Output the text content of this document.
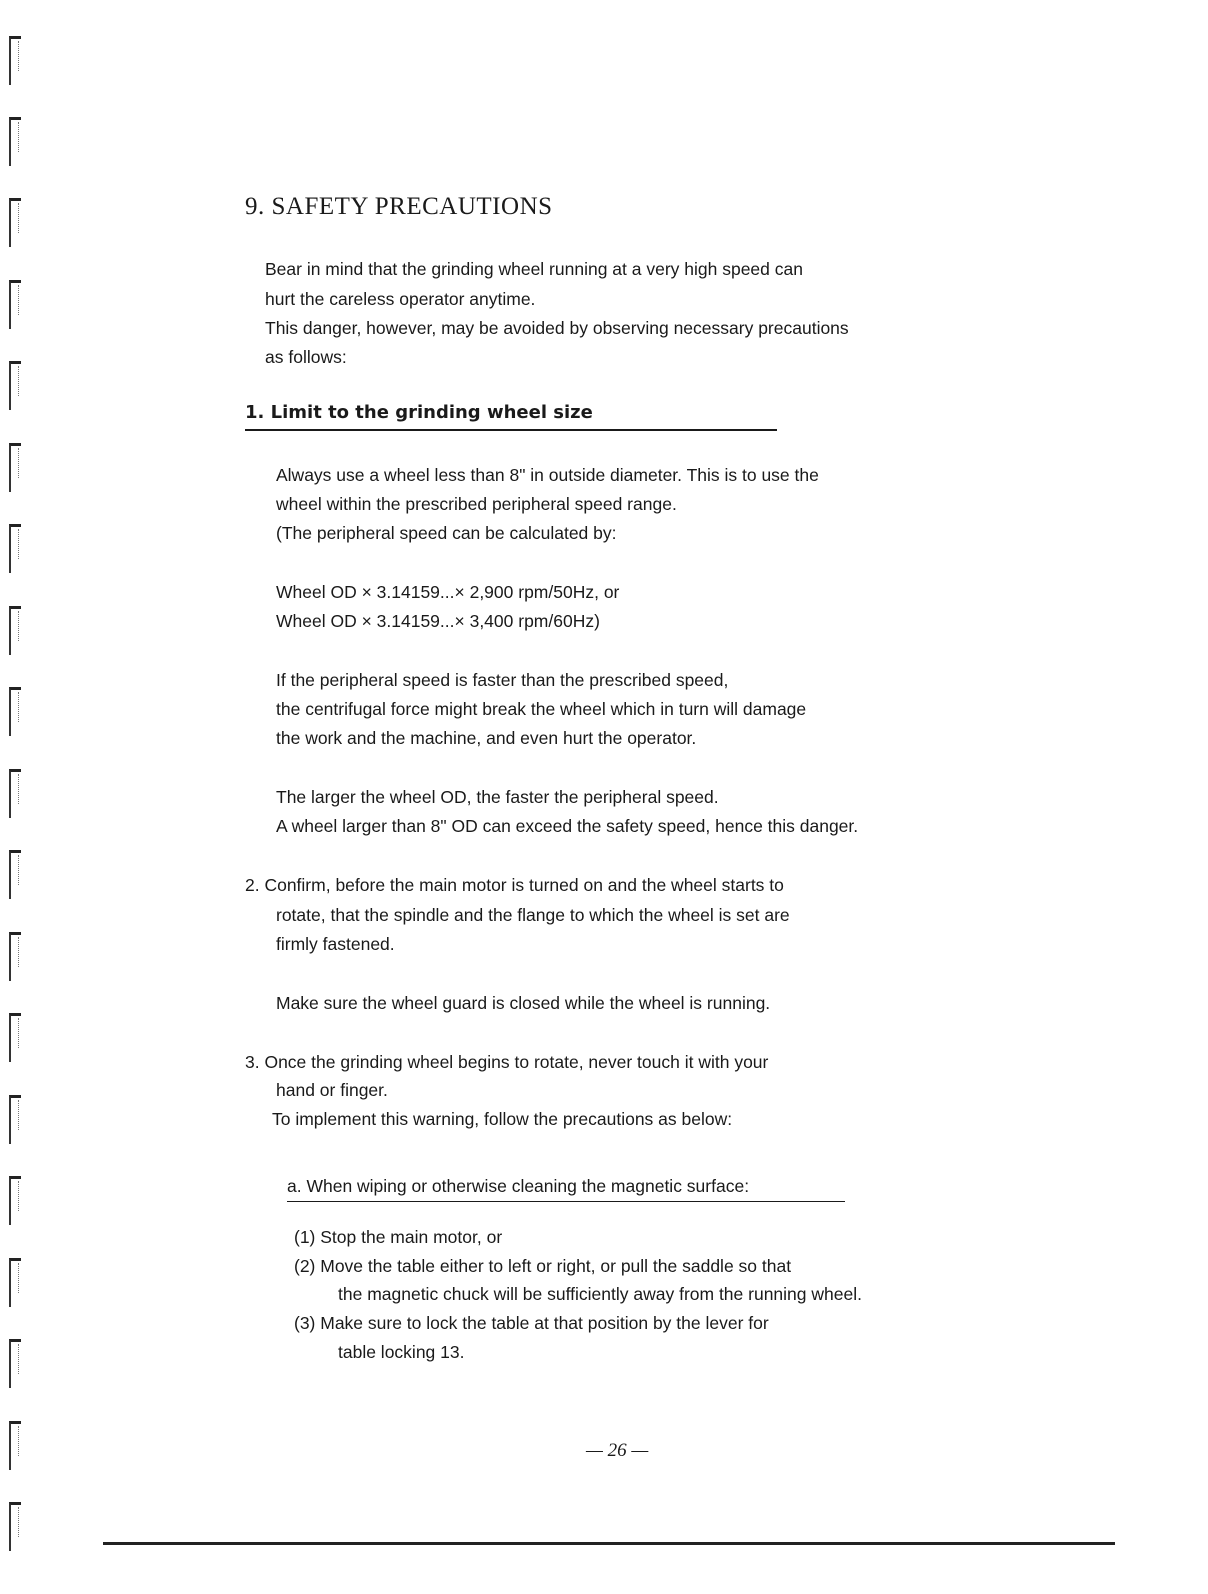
9. SAFETY PRECAUTIONS
Bear in mind that the grinding wheel running at a very high speed can
hurt the careless operator anytime.
This danger, however, may be avoided by observing necessary precautions
as follows:
1. Limit to the grinding wheel size
Always use a wheel less than 8" in outside diameter. This is to use the
wheel within the prescribed peripheral speed range.
(The peripheral speed can be calculated by:
Wheel OD × 3.14159...× 2,900 rpm/50Hz, or
Wheel OD × 3.14159...× 3,400 rpm/60Hz)
If the peripheral speed is faster than the prescribed speed,
the centrifugal force might break the wheel which in turn will damage
the work and the machine, and even hurt the operator.
The larger the wheel OD, the faster the peripheral speed.
A wheel larger than 8" OD can exceed the safety speed, hence this danger.
2. Confirm, before the main motor is turned on and the wheel starts to
rotate, that the spindle and the flange to which the wheel is set are
firmly fastened.
Make sure the wheel guard is closed while the wheel is running.
3. Once the grinding wheel begins to rotate, never touch it with your
hand or finger.
To implement this warning, follow the precautions as below:
a. When wiping or otherwise cleaning the magnetic surface:
(1) Stop the main motor, or
(2) Move the table either to left or right, or pull the saddle so that
the magnetic chuck will be sufficiently away from the running wheel.
(3) Make sure to lock the table at that position by the lever for
table locking 13.
— 26 —
